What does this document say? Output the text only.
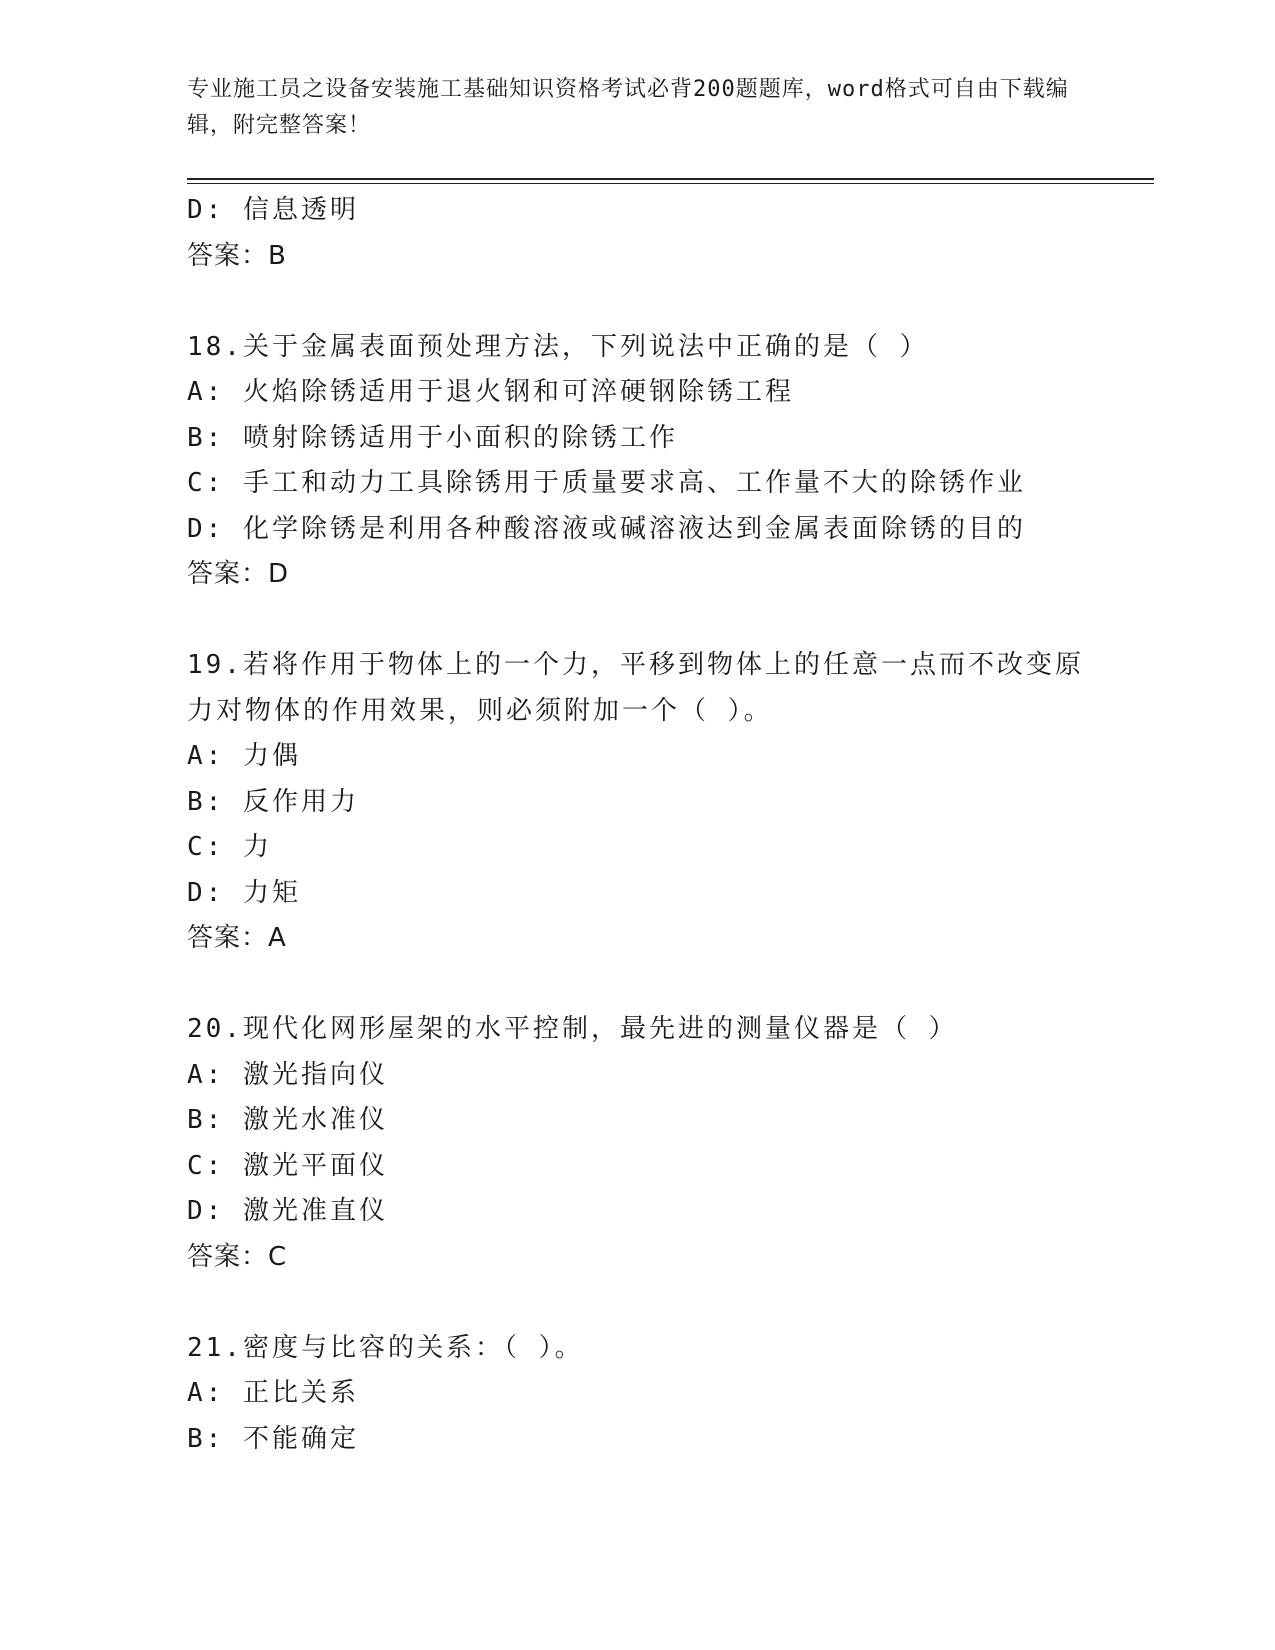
专业施工员之设备安装施工基础知识资格考试必背200题题库，word格式可自由下载编辑，附完整答案！
D: 信息透明
答案：B
18.关于金属表面预处理方法，下列说法中正确的是（ ）
A: 火焰除锈适用于退火钢和可淬硬钢除锈工程
B: 喷射除锈适用于小面积的除锈工作
C: 手工和动力工具除锈用于质量要求高、工作量不大的除锈作业
D: 化学除锈是利用各种酸溶液或碱溶液达到金属表面除锈的目的
答案：D
19.若将作用于物体上的一个力，平移到物体上的任意一点而不改变原力对物体的作用效果，则必须附加一个（ ）。
A: 力偶
B: 反作用力
C: 力
D: 力矩
答案：A
20.现代化网形屋架的水平控制，最先进的测量仪器是（ ）
A: 激光指向仪
B: 激光水准仪
C: 激光平面仪
D: 激光准直仪
答案：C
21.密度与比容的关系：（ ）。
A: 正比关系
B: 不能确定
